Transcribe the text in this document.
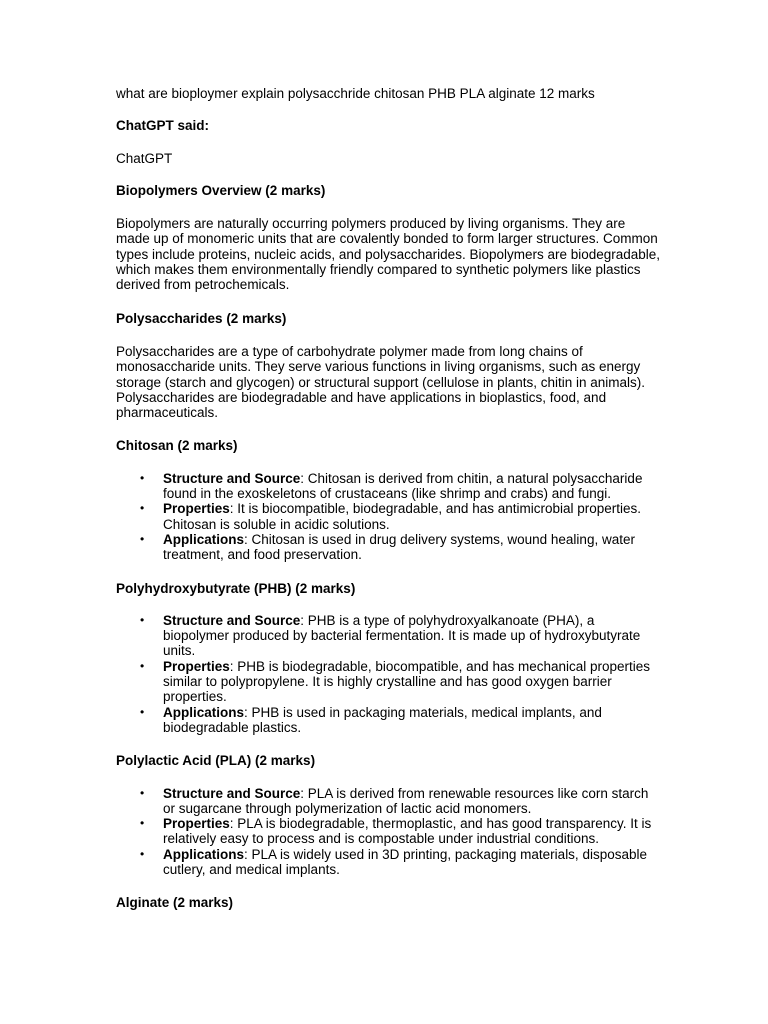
what are biopl​oymer explain polysacchride chitosan PHB PLA alginate 12 marks

ChatGPT said:

ChatGPT

Biopolymers Overview (2 marks)

Biopolymers are naturally occurring polymers produced by living organisms. They are made up of monomeric units that are covalently bonded to form larger structures. Common types include proteins, nucleic acids, and polysaccharides. Biopolymers are biodegradable, which makes them environmentally friendly compared to synthetic polymers like plastics derived from petrochemicals.

Polysaccharides (2 marks)

Polysaccharides are a type of carbohydrate polymer made from long chains of monosaccharide units. They serve various functions in living organisms, such as energy storage (starch and glycogen) or structural support (cellulose in plants, chitin in animals). Polysaccharides are biodegradable and have applications in bioplastics, food, and pharmaceuticals.

Chitosan (2 marks)

• Structure and Source: Chitosan is derived from chitin, a natural polysaccharide found in the exoskeletons of crustaceans (like shrimp and crabs) and fungi.
• Properties: It is biocompatible, biodegradable, and has antimicrobial properties. Chitosan is soluble in acidic solutions.
• Applications: Chitosan is used in drug delivery systems, wound healing, water treatment, and food preservation.

Polyhydroxybutyrate (PHB) (2 marks)

• Structure and Source: PHB is a type of polyhydroxyalkanoate (PHA), a biopolymer produced by bacterial fermentation. It is made up of hydroxybutyrate units.
• Properties: PHB is biodegradable, biocompatible, and has mechanical properties similar to polypropylene. It is highly crystalline and has good oxygen barrier properties.
• Applications: PHB is used in packaging materials, medical implants, and biodegradable plastics.

Polylactic Acid (PLA) (2 marks)

• Structure and Source: PLA is derived from renewable resources like corn starch or sugarcane through polymerization of lactic acid monomers.
• Properties: PLA is biodegradable, thermoplastic, and has good transparency. It is relatively easy to process and is compostable under industrial conditions.
• Applications: PLA is widely used in 3D printing, packaging materials, disposable cutlery, and medical implants.

Alginate (2 marks)
